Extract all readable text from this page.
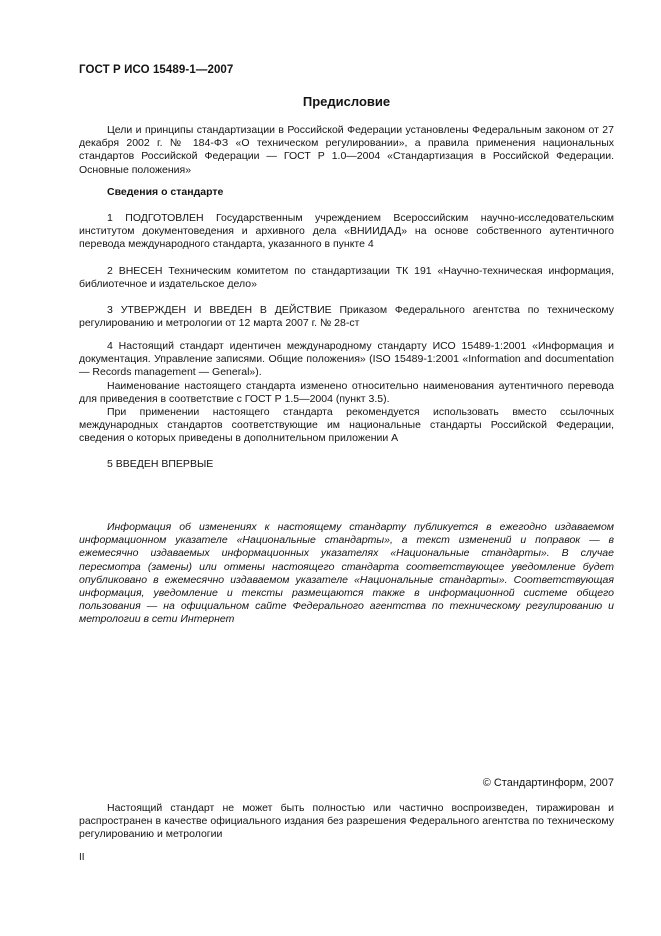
ГОСТ Р ИСО 15489-1—2007
Предисловие

Цели и принципы стандартизации в Российской Федерации установлены Федеральным законом от 27 декабря 2002 г. № 184-ФЗ «О техническом регулировании», а правила применения национальных стандартов Российской Федерации — ГОСТ Р 1.0—2004 «Стандартизация в Российской Федерации. Основные положения»

Сведения о стандарте

1 ПОДГОТОВЛЕН Государственным учреждением Всероссийским научно-исследовательским институтом документоведения и архивного дела «ВНИИДАД» на основе собственного аутентичного перевода международного стандарта, указанного в пункте 4

2 ВНЕСЕН Техническим комитетом по стандартизации ТК 191 «Научно-техническая информация, библиотечное и издательское дело»

3 УТВЕРЖДЕН И ВВЕДЕН В ДЕЙСТВИЕ Приказом Федерального агентства по техническому регулированию и метрологии от 12 марта 2007 г. № 28-ст

4 Настоящий стандарт идентичен международному стандарту ИСО 15489-1:2001 «Информация и документация. Управление записями. Общие положения» (ISO 15489-1:2001 «Information and documentation — Records management — General»).

Наименование настоящего стандарта изменено относительно наименования аутентичного перевода для приведения в соответствие с ГОСТ Р 1.5—2004 (пункт 3.5).

При применении настоящего стандарта рекомендуется использовать вместо ссылочных международных стандартов соответствующие им национальные стандарты Российской Федерации, сведения о которых приведены в дополнительном приложении А

5 ВВЕДЕН ВПЕРВЫЕ

Информация об изменениях к настоящему стандарту публикуется в ежегодно издаваемом информационном указателе «Национальные стандарты», а текст изменений и поправок — в ежемесячно издаваемых информационных указателях «Национальные стандарты». В случае пересмотра (замены) или отмены настоящего стандарта соответствующее уведомление будет опубликовано в ежемесячно издаваемом указателе «Национальные стандарты». Соответствующая информация, уведомление и тексты размещаются также в информационной системе общего пользования — на официальном сайте Федерального агентства по техническому регулированию и метрологии в сети Интернет

© Стандартинформ, 2007

Настоящий стандарт не может быть полностью или частично воспроизведен, тиражирован и распространен в качестве официального издания без разрешения Федерального агентства по техническому регулированию и метрологии

II
